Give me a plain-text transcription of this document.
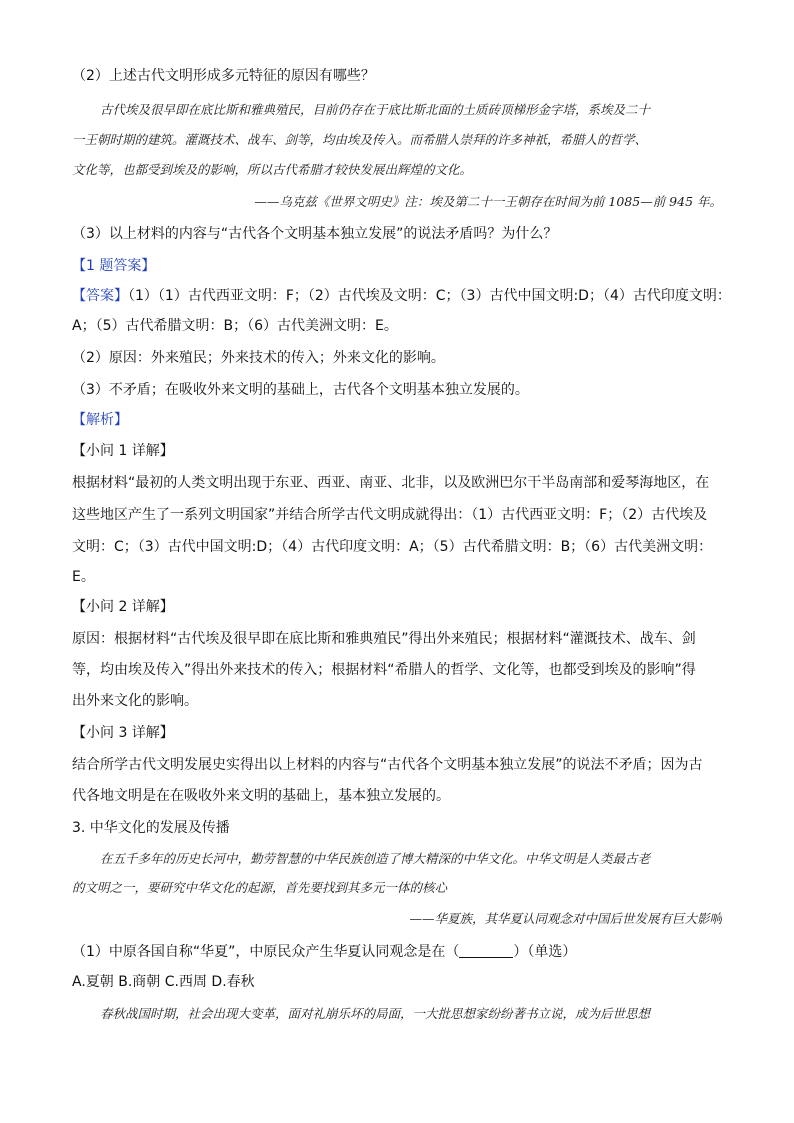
（2）上述古代文明形成多元特征的原因有哪些？
古代埃及很早即在底比斯和雅典殖民，目前仍存在于底比斯北面的土质砖顶梯形金字塔，系埃及二十
一王朝时期的建筑。灌溉技术、战车、剑等，均由埃及传入。而希腊人崇拜的许多神祇，希腊人的哲学、
文化等，也都受到埃及的影响，所以古代希腊才较快发展出辉煌的文化。
——乌克兹《世界文明史》注：埃及第二十一王朝存在时间为前 1085—前 945 年。
（3）以上材料的内容与“古代各个文明基本独立发展”的说法矛盾吗？为什么？
【1 题答案】
【答案】（1）（1）古代西亚文明：F；（2）古代埃及文明：C；（3）古代中国文明:D；（4）古代印度文明：
A；（5）古代希腊文明：B；（6）古代美洲文明：E。
（2）原因：外来殖民；外来技术的传入；外来文化的影响。
（3）不矛盾；在吸收外来文明的基础上，古代各个文明基本独立发展的。
【解析】
【小问 1 详解】
根据材料“最初的人类文明出现于东亚、西亚、南亚、北非，以及欧洲巴尔干半岛南部和爱琴海地区，在
这些地区产生了一系列文明国家”并结合所学古代文明成就得出：（1）古代西亚文明：F；（2）古代埃及
文明：C；（3）古代中国文明:D；（4）古代印度文明：A；（5）古代希腊文明：B；（6）古代美洲文明：
E。
【小问 2 详解】
原因：根据材料“古代埃及很早即在底比斯和雅典殖民”得出外来殖民；根据材料“灌溉技术、战车、剑
等，均由埃及传入”得出外来技术的传入；根据材料“希腊人的哲学、文化等，也都受到埃及的影响”得
出外来文化的影响。
【小问 3 详解】
结合所学古代文明发展史实得出以上材料的内容与“古代各个文明基本独立发展”的说法不矛盾；因为古
代各地文明是在在吸收外来文明的基础上，基本独立发展的。
3. 中华文化的发展及传播
在五千多年的历史长河中，勤劳智慧的中华民族创造了博大精深的中华文化。中华文明是人类最古老
的文明之一，要研究中华文化的起源，首先要找到其多元一体的核心
——华夏族，其华夏认同观念对中国后世发展有巨大影响
（1）中原各国自称“华夏”，中原民众产生华夏认同观念是在（	）（单选）
A.夏朝 B.商朝 C.西周 D.春秋
春秋战国时期，社会出现大变革，面对礼崩乐坏的局面，一大批思想家纷纷著书立说，成为后世思想
